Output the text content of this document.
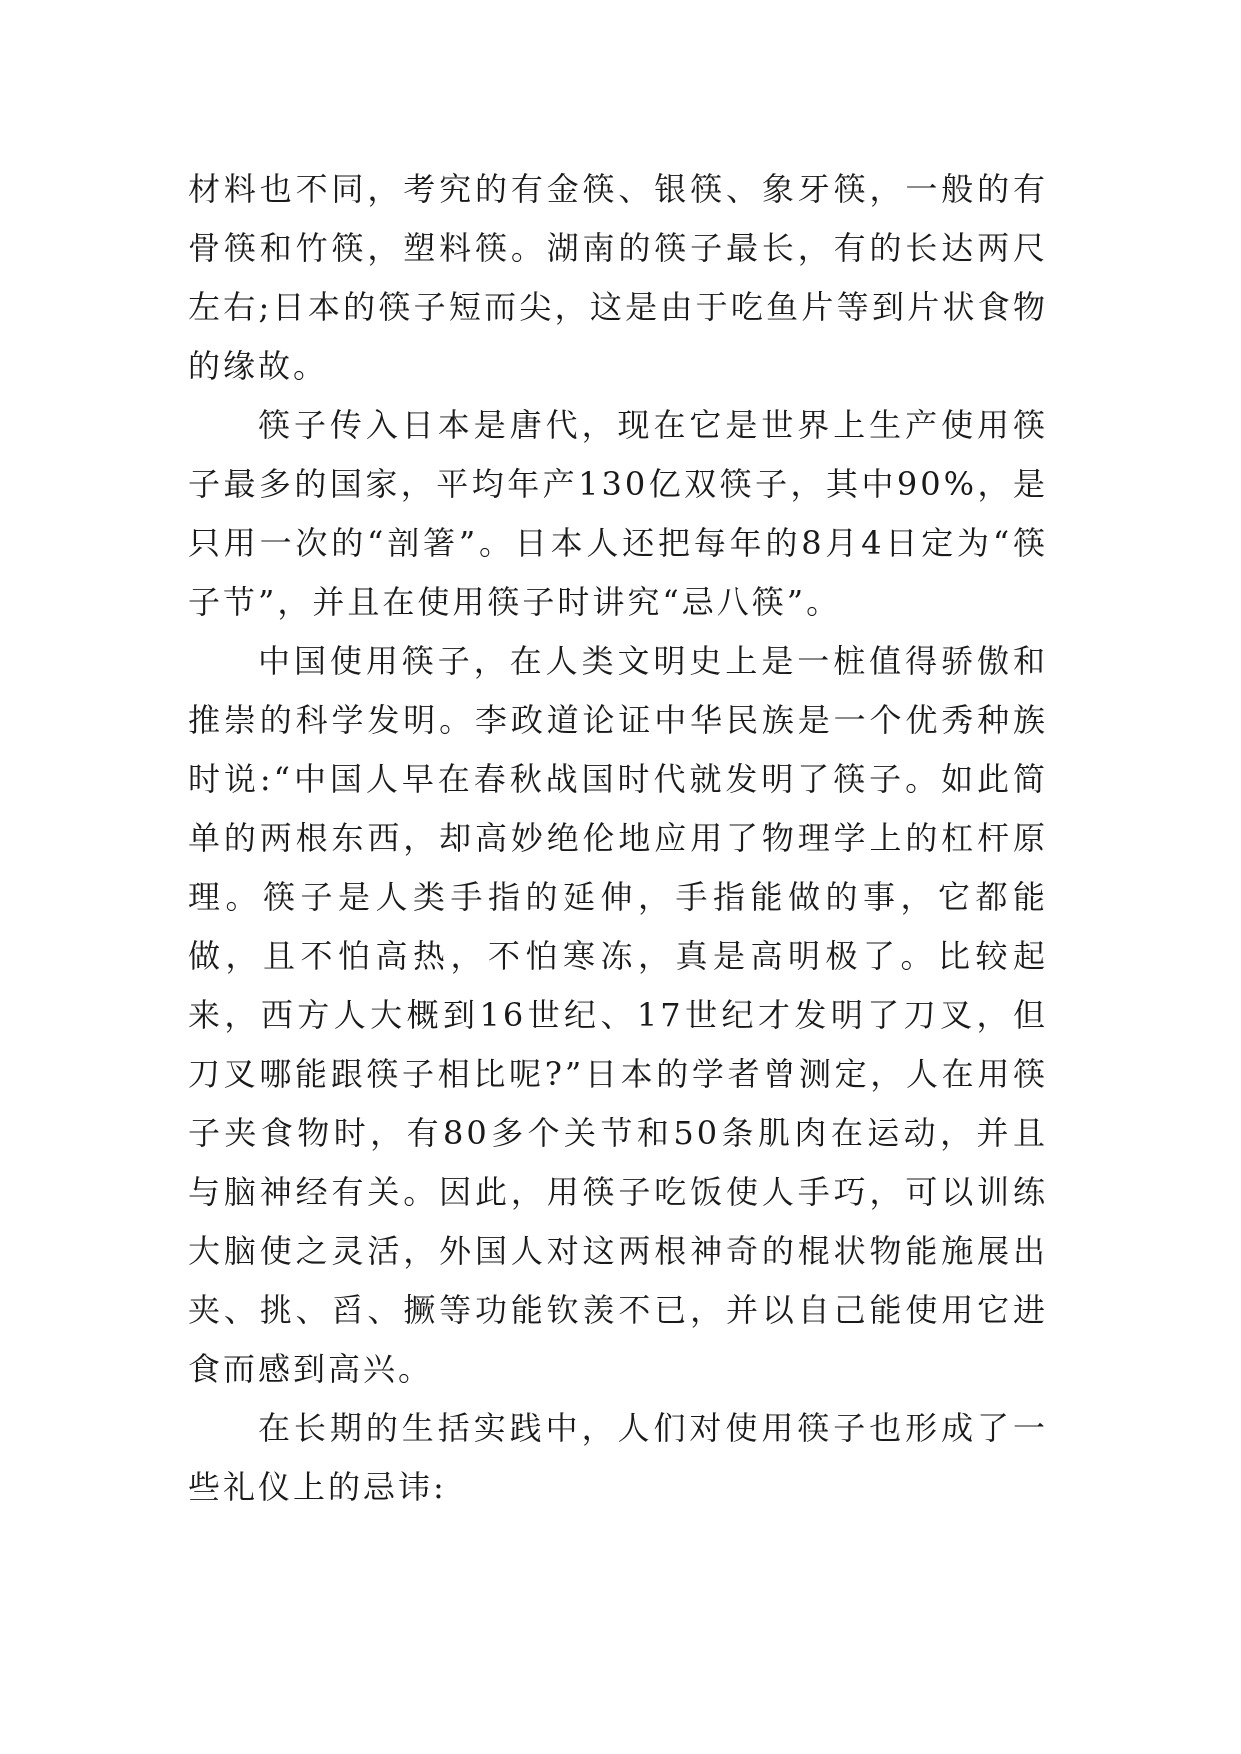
材料也不同，考究的有金筷、银筷、象牙筷，一般的有骨筷和竹筷，塑料筷。湖南的筷子最长，有的长达两尺左右;日本的筷子短而尖，这是由于吃鱼片等到片状食物的缘故。

筷子传入日本是唐代，现在它是世界上生产使用筷子最多的国家，平均年产130亿双筷子，其中90%，是只用一次的“剖箸”。日本人还把每年的8月4日定为“筷子节”，并且在使用筷子时讲究“忌八筷”。

中国使用筷子，在人类文明史上是一桩值得骄傲和推崇的科学发明。李政道论证中华民族是一个优秀种族时说:“中国人早在春秋战国时代就发明了筷子。如此简单的两根东西，却高妙绝伦地应用了物理学上的杠杆原理。筷子是人类手指的延伸，手指能做的事，它都能做，且不怕高热，不怕寒冻，真是高明极了。比较起来，西方人大概到16世纪、17世纪才发明了刀叉，但刀叉哪能跟筷子相比呢?”日本的学者曾测定，人在用筷子夹食物时，有80多个关节和50条肌肉在运动，并且与脑神经有关。因此，用筷子吃饭使人手巧，可以训练大脑使之灵活，外国人对这两根神奇的棍状物能施展出夹、挑、舀、撅等功能钦羡不已，并以自己能使用它进食而感到高兴。

在长期的生括实践中，人们对使用筷子也形成了一些礼仪上的忌讳:
